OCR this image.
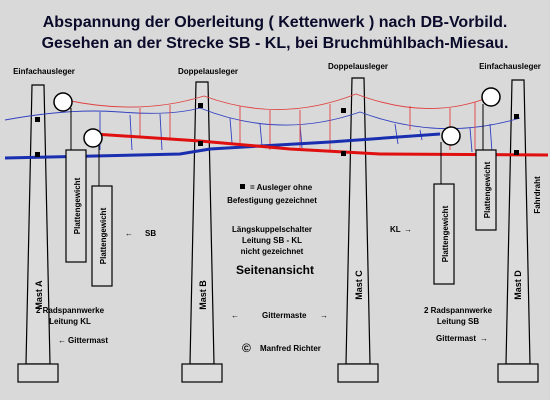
Abspannung der Oberleitung ( Kettenwerk ) nach DB-Vorbild.
Gesehen an der Strecke SB - KL, bei Bruchmühlbach-Miesau.
Einfachausleger	Doppelausleger
Doppelausleger	Einfachausleger
Mast A	Mast B	Mast C	Mast D
Plattengewicht
Plattengewicht	Plattengewicht
Plattengewicht
← SB	KL →
Fahrdraht
= Ausleger ohne
Befestigung gezeichnet
Längskuppelschalter
Leitung SB - KL
nicht gezeichnet
Seitenansicht
2 Radspannwerke
Leitung KL
← Gittermast
←	Gittermaste →
© Manfred Richter
2 Radspannwerke
Leitung SB
Gittermast →
